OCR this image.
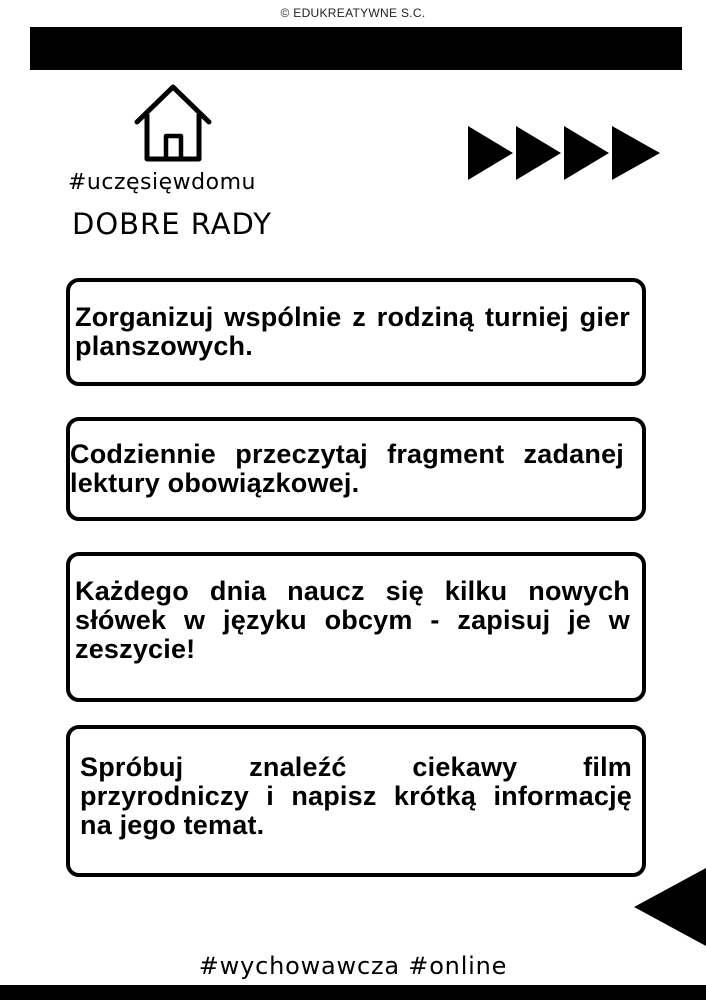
© EDUKREATYWNE S.C.
#uczęsięwdomu
DOBRE RADY
Zorganizuj wspólnie z rodziną turniej gier planszowych.
Codziennie przeczytaj fragment zadanej lektury obowiązkowej.
Każdego dnia naucz się kilku nowych słówek w języku obcym - zapisuj je w zeszycie!
Spróbuj znaleźć ciekawy film przyrodniczy i napisz krótką informację na jego temat.
#wychowawcza #online
